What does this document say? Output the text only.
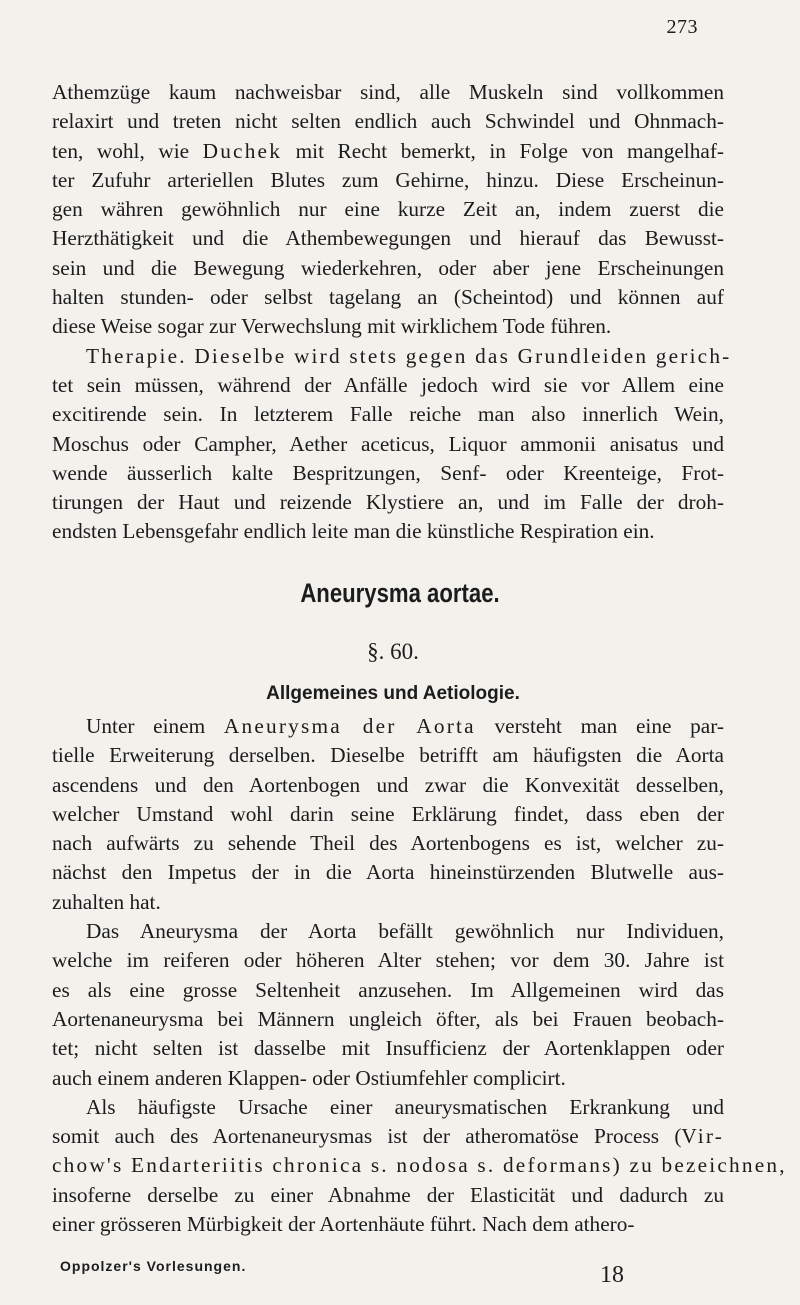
273
Athemzüge kaum nachweisbar sind, alle Muskeln sind vollkommen
relaxirt und treten nicht selten endlich auch Schwindel und Ohnmach-
ten, wohl, wie Duchek mit Recht bemerkt, in Folge von mangelhaf-
ter Zufuhr arteriellen Blutes zum Gehirne, hinzu. Diese Erscheinun-
gen währen gewöhnlich nur eine kurze Zeit an, indem zuerst die
Herzthätigkeit und die Athembewegungen und hierauf das Bewusst-
sein und die Bewegung wiederkehren, oder aber jene Erscheinungen
halten stunden- oder selbst tagelang an (Scheintod) und können auf
diese Weise sogar zur Verwechslung mit wirklichem Tode führen.
Therapie. Dieselbe wird stets gegen das Grundleiden gerich-
tet sein müssen, während der Anfälle jedoch wird sie vor Allem eine
excitirende sein. In letzterem Falle reiche man also innerlich Wein,
Moschus oder Campher, Aether aceticus, Liquor ammonii anisatus und
wende äusserlich kalte Bespritzungen, Senf- oder Kreenteige, Frot-
tirungen der Haut und reizende Klystiere an, und im Falle der droh-
endsten Lebensgefahr endlich leite man die künstliche Respiration ein.
Aneurysma aortae.
§. 60.
Allgemeines und Aetiologie.
Unter einem Aneurysma der Aorta versteht man eine par-
tielle Erweiterung derselben. Dieselbe betrifft am häufigsten die Aorta
ascendens und den Aortenbogen und zwar die Konvexität desselben,
welcher Umstand wohl darin seine Erklärung findet, dass eben der
nach aufwärts zu sehende Theil des Aortenbogens es ist, welcher zu-
nächst den Impetus der in die Aorta hineinstürzenden Blutwelle aus-
zuhalten hat.
Das Aneurysma der Aorta befällt gewöhnlich nur Individuen,
welche im reiferen oder höheren Alter stehen; vor dem 30. Jahre ist
es als eine grosse Seltenheit anzusehen. Im Allgemeinen wird das
Aortenaneurysma bei Männern ungleich öfter, als bei Frauen beobach-
tet; nicht selten ist dasselbe mit Insufficienz der Aortenklappen oder
auch einem anderen Klappen- oder Ostiumfehler complicirt.
Als häufigste Ursache einer aneurysmatischen Erkrankung und
somit auch des Aortenaneurysmas ist der atheromatöse Process (Vir-
chow's Endarteriitis chronica s. nodosa s. deformans) zu bezeichnen,
insoferne derselbe zu einer Abnahme der Elasticität und dadurch zu
einer grösseren Mürbigkeit der Aortenhäute führt. Nach dem athero-
Oppolzer's Vorlesungen.	18
